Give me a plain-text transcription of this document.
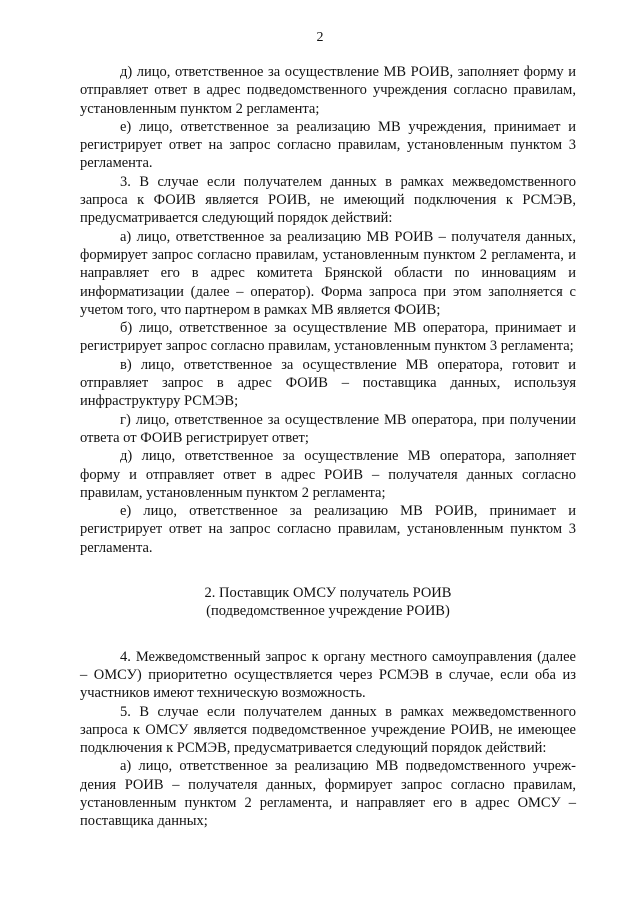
2

д) лицо, ответственное за осуществление МВ РОИВ, заполняет форму и отправляет ответ в адрес подведомственного учреждения согласно правилам, установленным пунктом 2 регламента;

е) лицо, ответственное за реализацию МВ учреждения, принимает и регистрирует ответ на запрос согласно правилам, установленным пунктом 3 регламента.

3. В случае если получателем данных в рамках межведомственного запроса к ФОИВ является РОИВ, не имеющий подключения к РСМЭВ, предусматривается следующий порядок действий:

а) лицо, ответственное за реализацию МВ РОИВ – получателя данных, формирует запрос согласно правилам, установленным пунктом 2 регламента, и направляет его в адрес комитета Брянской области по инновациям и информатизации (далее – оператор). Форма запроса при этом заполняется с учетом того, что партнером в рамках МВ является ФОИВ;

б) лицо, ответственное за осуществление МВ оператора, принимает и регистрирует запрос согласно правилам, установленным пунктом 3 регламента;

в) лицо, ответственное за осуществление МВ оператора, готовит и отправляет запрос в адрес ФОИВ – поставщика данных, используя инфраструктуру РСМЭВ;

г) лицо, ответственное за осуществление МВ оператора, при получении ответа от ФОИВ регистрирует ответ;

д) лицо, ответственное за осуществление МВ оператора, заполняет форму и отправляет ответ в адрес РОИВ – получателя данных согласно правилам, установленным пунктом 2 регламента;

е) лицо, ответственное за реализацию МВ РОИВ, принимает и регистрирует ответ на запрос согласно правилам, установленным пунктом 3 регламента.

2. Поставщик ОМСУ получатель РОИВ
(подведомственное учреждение РОИВ)

4. Межведомственный запрос к органу местного самоуправления (далее – ОМСУ) приоритетно осуществляется через РСМЭВ в случае, если оба из участников имеют техническую возможность.

5. В случае если получателем данных в рамках межведомственного запроса к ОМСУ является подведомственное учреждение РОИВ, не имеющее подключения к РСМЭВ, предусматривается следующий порядок действий:

а) лицо, ответственное за реализацию МВ подведомственного учреждения РОИВ – получателя данных, формирует запрос согласно правилам, установленным пунктом 2 регламента, и направляет его в адрес ОМСУ – поставщика данных;
